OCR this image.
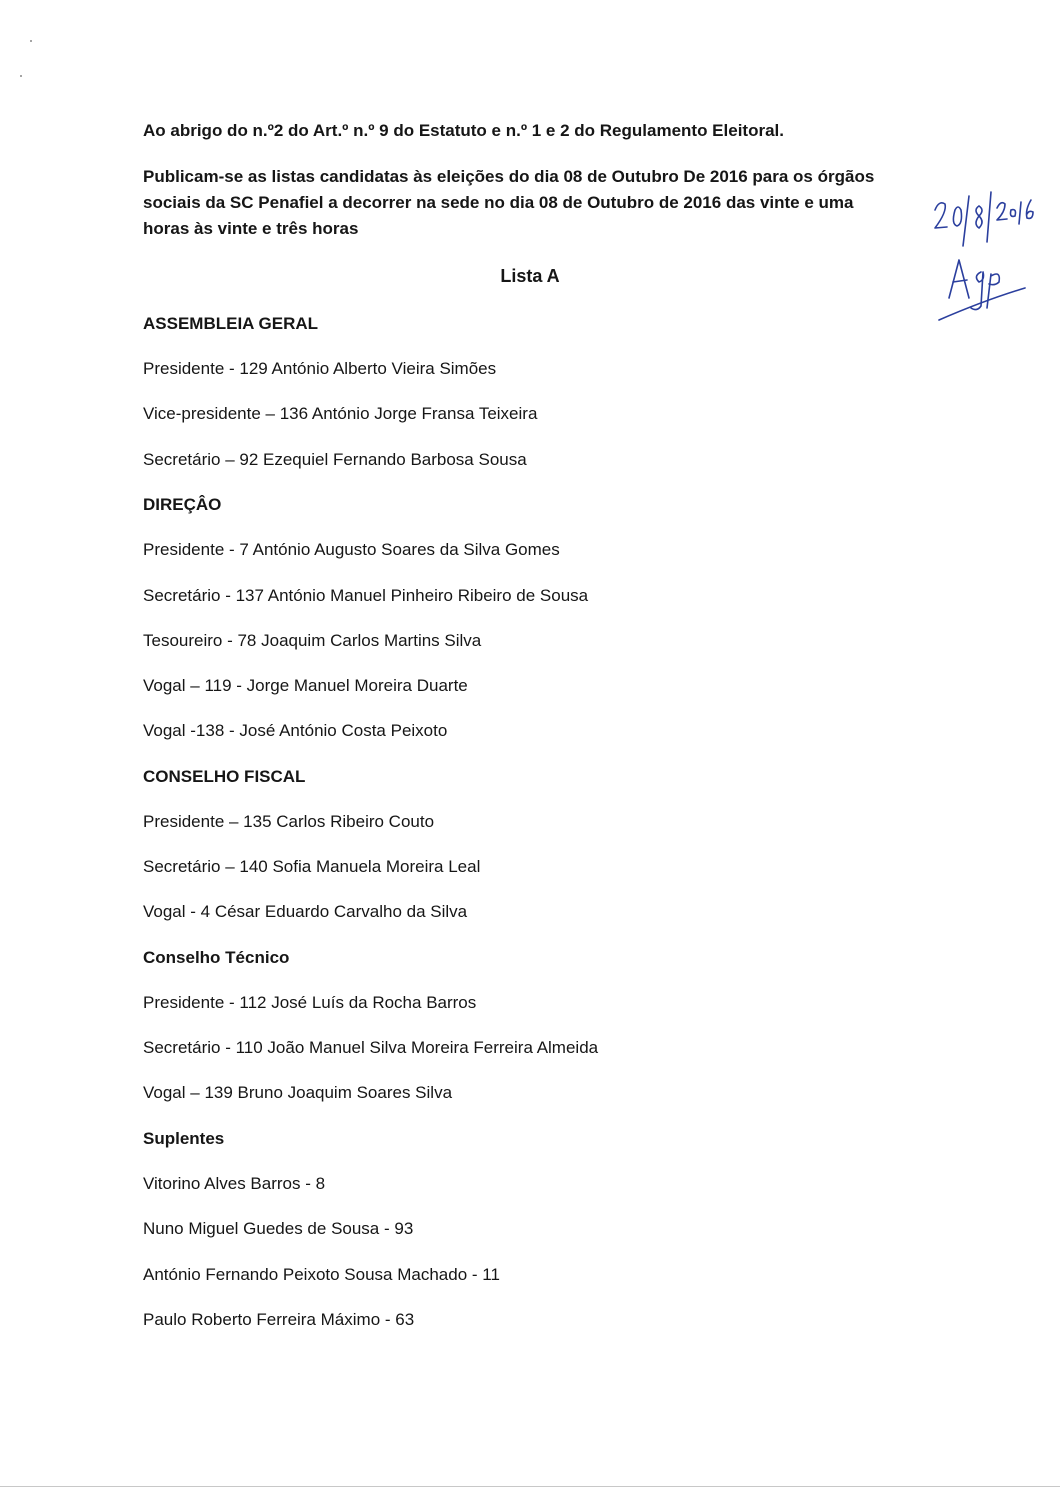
Ao abrigo do n.º2 do Art.º n.º 9 do Estatuto e n.º 1 e 2 do Regulamento Eleitoral.

Publicam-se as listas candidatas às eleições do dia 08 de Outubro De 2016 para os órgãos sociais da SC Penafiel a decorrer na sede no dia 08 de Outubro de 2016 das vinte e uma horas às vinte e três horas

Lista A

ASSEMBLEIA GERAL

Presidente - 129 António Alberto Vieira Simões

Vice-presidente – 136 António Jorge Fransa Teixeira

Secretário – 92 Ezequiel Fernando Barbosa Sousa

DIREÇÂO

Presidente - 7 António Augusto Soares da Silva Gomes

Secretário - 137 António Manuel Pinheiro Ribeiro de Sousa

Tesoureiro - 78 Joaquim Carlos Martins Silva

Vogal – 119 - Jorge Manuel Moreira Duarte

Vogal -138 - José António Costa Peixoto

CONSELHO FISCAL

Presidente – 135 Carlos Ribeiro Couto

Secretário – 140 Sofia Manuela Moreira Leal

Vogal - 4 César Eduardo Carvalho da Silva

Conselho Técnico

Presidente - 112 José Luís da Rocha Barros

Secretário - 110 João Manuel Silva Moreira Ferreira Almeida

Vogal – 139 Bruno Joaquim Soares Silva

Suplentes

Vitorino Alves Barros - 8

Nuno Miguel Guedes de Sousa - 93

António Fernando Peixoto Sousa Machado - 11

Paulo Roberto Ferreira Máximo - 63
